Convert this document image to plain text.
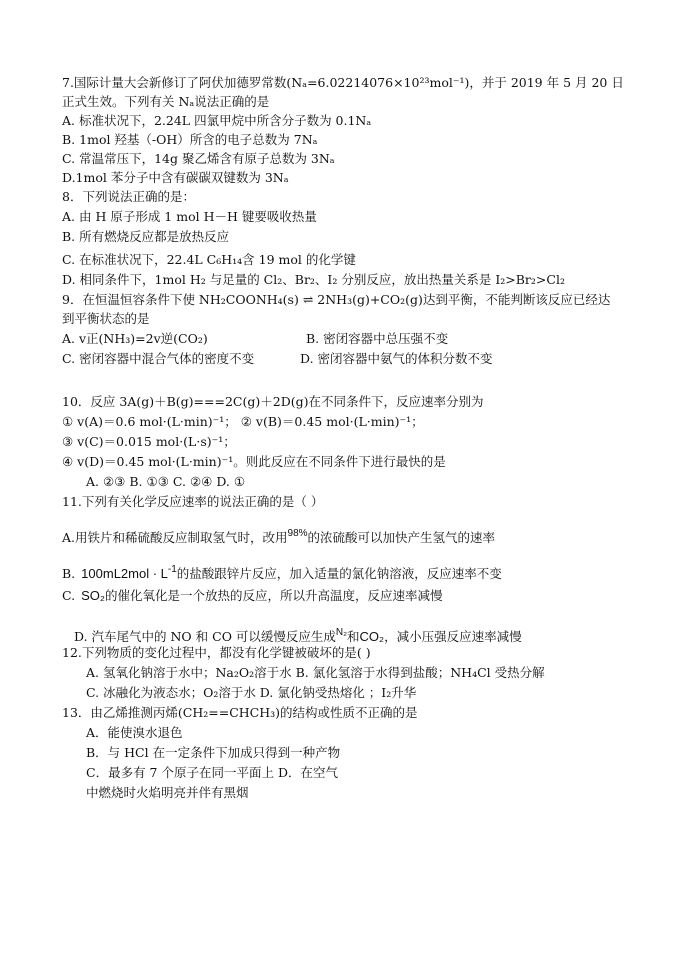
7.国际计量大会新修订了阿伏加德罗常数(Nₐ=6.02214076×10²³mol⁻¹)，并于 2019 年 5 月 20 日
正式生效。下列有关 Nₐ说法正确的是
A. 标准状况下，2.24L 四氯甲烷中所含分子数为 0.1Nₐ
B. 1mol 羟基（-OH）所含的电子总数为 7Nₐ
C. 常温常压下，14g 聚乙烯含有原子总数为 3Nₐ
D.1mol 苯分子中含有碳碳双键数为 3Nₐ
8．下列说法正确的是：
A. 由 H 原子形成 1 mol H－H 键要吸收热量
B. 所有燃烧反应都是放热反应
C. 在标准状况下，22.4L C₆H₁₄含 19 mol 的化学键
D. 相同条件下，1mol H₂ 与足量的 Cl₂、Br₂、I₂ 分别反应，放出热量关系是 I₂>Br₂>Cl₂
9．在恒温恒容条件下使 NH₂COONH₄(s) ⇌ 2NH₃(g)+CO₂(g)达到平衡，不能判断该反应已经达
到平衡状态的是
A. v正(NH₃)=2v逆(CO₂)	B. 密闭容器中总压强不变
C. 密闭容器中混合气体的密度不变	D. 密闭容器中氨气的体积分数不变
10．反应 3A(g)＋B(g)===2C(g)＋2D(g)在不同条件下，反应速率分别为
① v(A)＝0.6 mol·(L·min)⁻¹； ② v(B)＝0.45 mol·(L·min)⁻¹；
③ v(C)＝0.015 mol·(L·s)⁻¹；
④ v(D)＝0.45 mol·(L·min)⁻¹。则此反应在不同条件下进行最快的是
A. ②③ B. ①③ C. ②④ D. ①
11.下列有关化学反应速率的说法正确的是（ ）
A.用铁片和稀硫酸反应制取氢气时，改用$^{98\%}$的浓硫酸可以加快产生氢气的速率
B. $100mL2mol \cdot L^{-1}$的盐酸跟锌片反应，加入适量的氯化钠溶液，反应速率不变
C. SO₂的催化氧化是一个放热的反应，所以升高温度，反应速率减慢
D. 汽车尾气中的 NO 和 CO 可以缓慢反应生成$^{N_2}$和CO₂，减小压强反应速率减慢
12.下列物质的变化过程中，都没有化学键被破坏的是( )
A. 氢氧化钠溶于水中；Na₂O₂溶于水 B. 氯化氢溶于水得到盐酸；NH₄Cl 受热分解
C. 冰融化为液态水；O₂溶于水 D. 氯化钠受热熔化 ；I₂升华
13．由乙烯推测丙烯(CH₂==CHCH₃)的结构或性质不正确的是
A．能使溴水退色
B．与 HCl 在一定条件下加成只得到一种产物
C．最多有 7 个原子在同一平面上 D．在空气
中燃烧时火焰明亮并伴有黑烟
